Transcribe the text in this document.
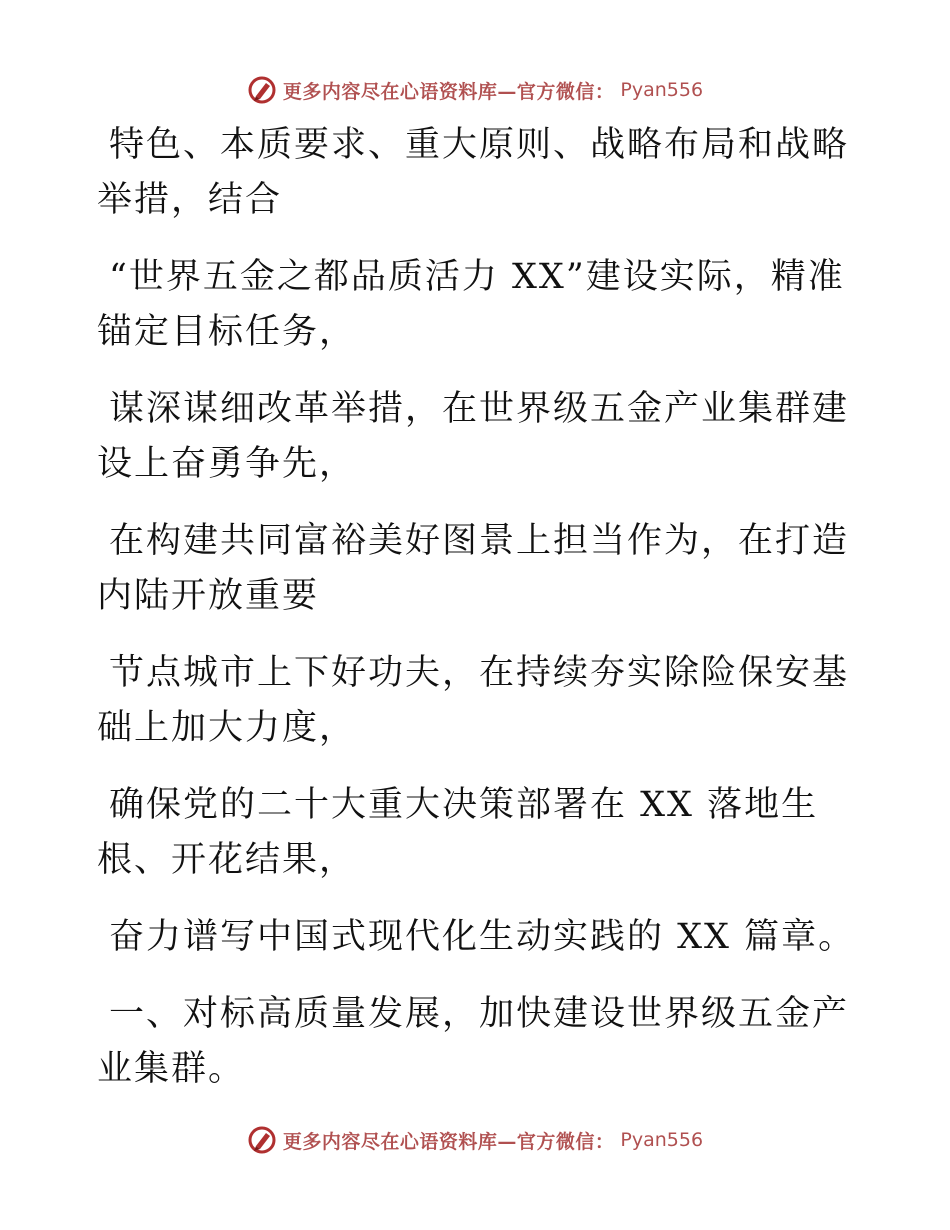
更多内容尽在心语资料库—官方微信： Pyan556

特色、本质要求、重大原则、战略布局和战略举措，结合

“世界五金之都品质活力 XX”建设实际，精准锚定目标任务，

谋深谋细改革举措，在世界级五金产业集群建设上奋勇争先，

在构建共同富裕美好图景上担当作为，在打造内陆开放重要

节点城市上下好功夫，在持续夯实除险保安基础上加大力度，

确保党的二十大重大决策部署在 XX 落地生根、开花结果，

奋力谱写中国式现代化生动实践的 XX 篇章。

一、对标高质量发展，加快建设世界级五金产业集群。

更多内容尽在心语资料库—官方微信： Pyan556
